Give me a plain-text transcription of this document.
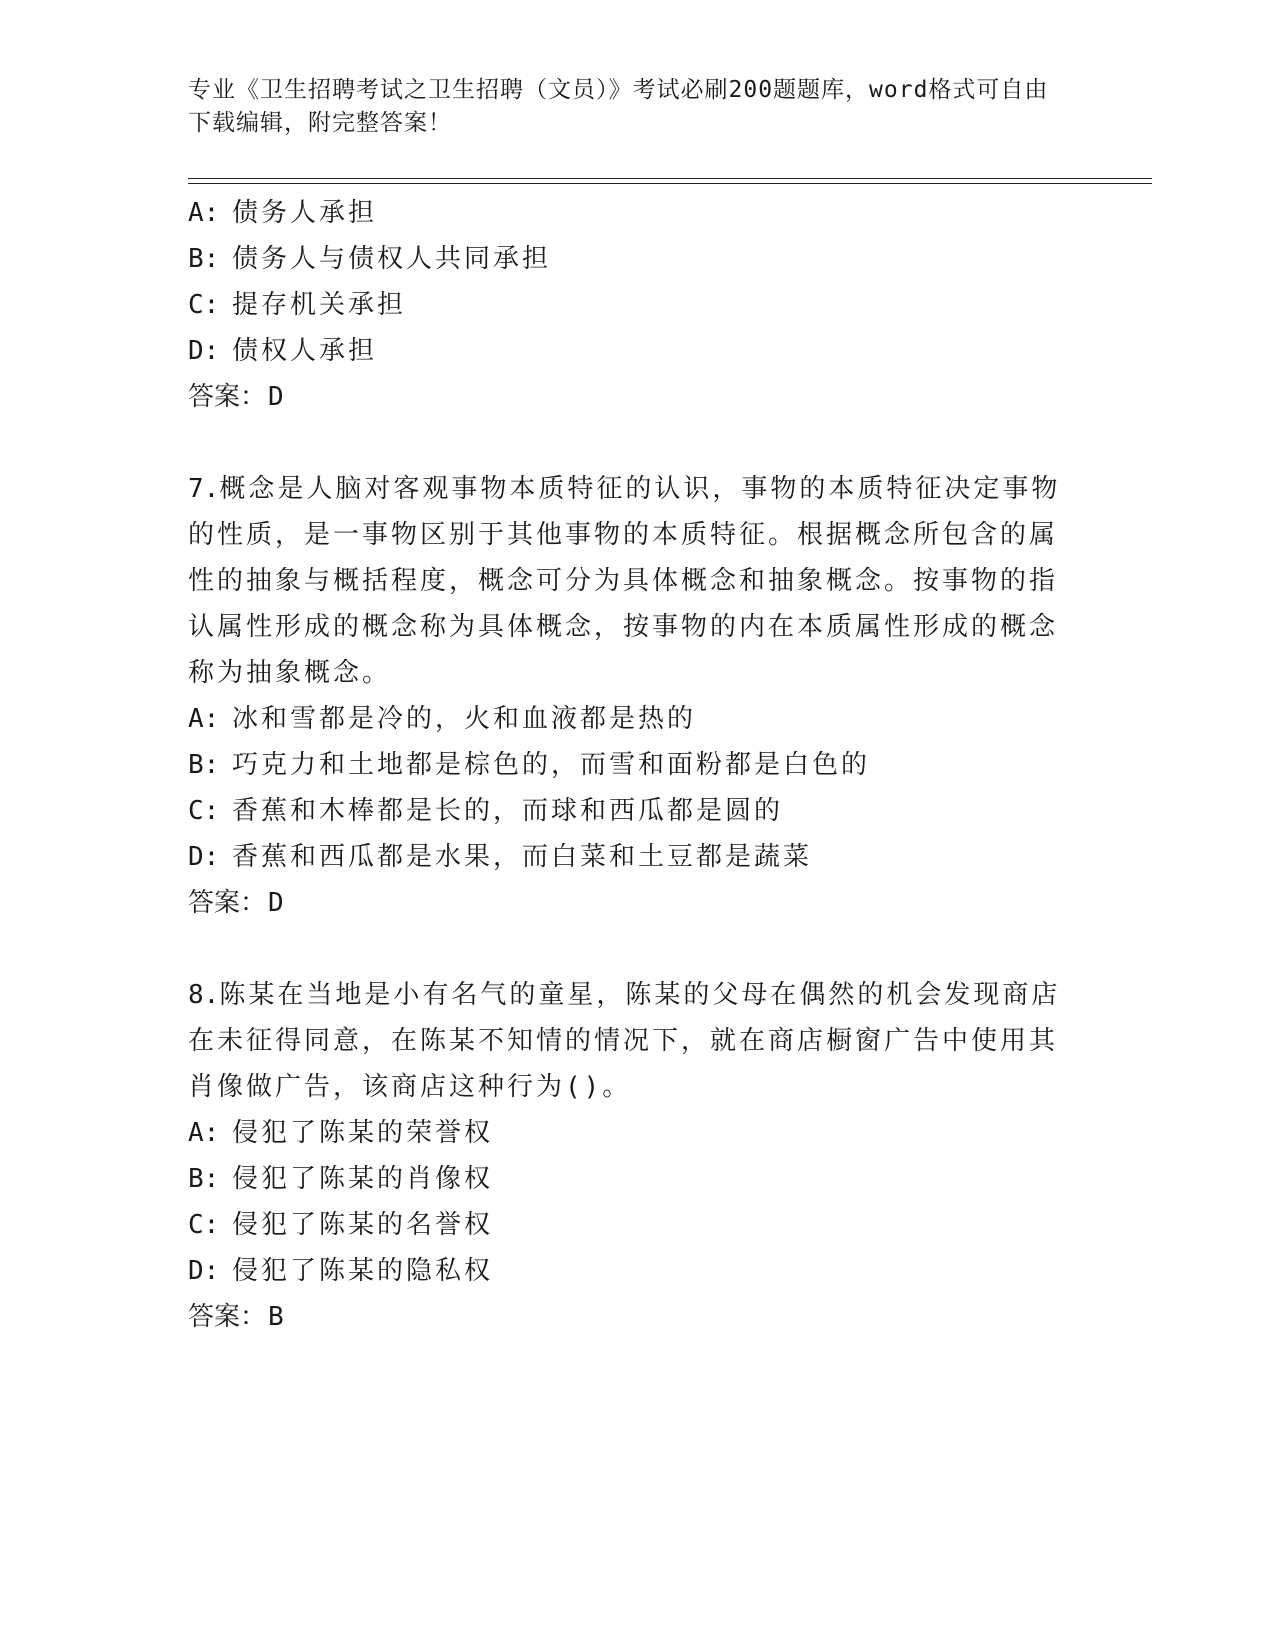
专业《卫生招聘考试之卫生招聘（文员）》考试必刷200题题库，word格式可自由下载编辑，附完整答案！
A: 债务人承担
B: 债务人与债权人共同承担
C: 提存机关承担
D: 债权人承担
答案：D
7.概念是人脑对客观事物本质特征的认识，事物的本质特征决定事物的性质，是一事物区别于其他事物的本质特征。根据概念所包含的属性的抽象与概括程度，概念可分为具体概念和抽象概念。按事物的指认属性形成的概念称为具体概念，按事物的内在本质属性形成的概念称为抽象概念。
A: 冰和雪都是冷的，火和血液都是热的
B: 巧克力和土地都是棕色的，而雪和面粉都是白色的
C: 香蕉和木棒都是长的，而球和西瓜都是圆的
D: 香蕉和西瓜都是水果，而白菜和土豆都是蔬菜
答案：D
8.陈某在当地是小有名气的童星，陈某的父母在偶然的机会发现商店在未征得同意，在陈某不知情的情况下，就在商店橱窗广告中使用其肖像做广告，该商店这种行为()。
A: 侵犯了陈某的荣誉权
B: 侵犯了陈某的肖像权
C: 侵犯了陈某的名誉权
D: 侵犯了陈某的隐私权
答案：B
